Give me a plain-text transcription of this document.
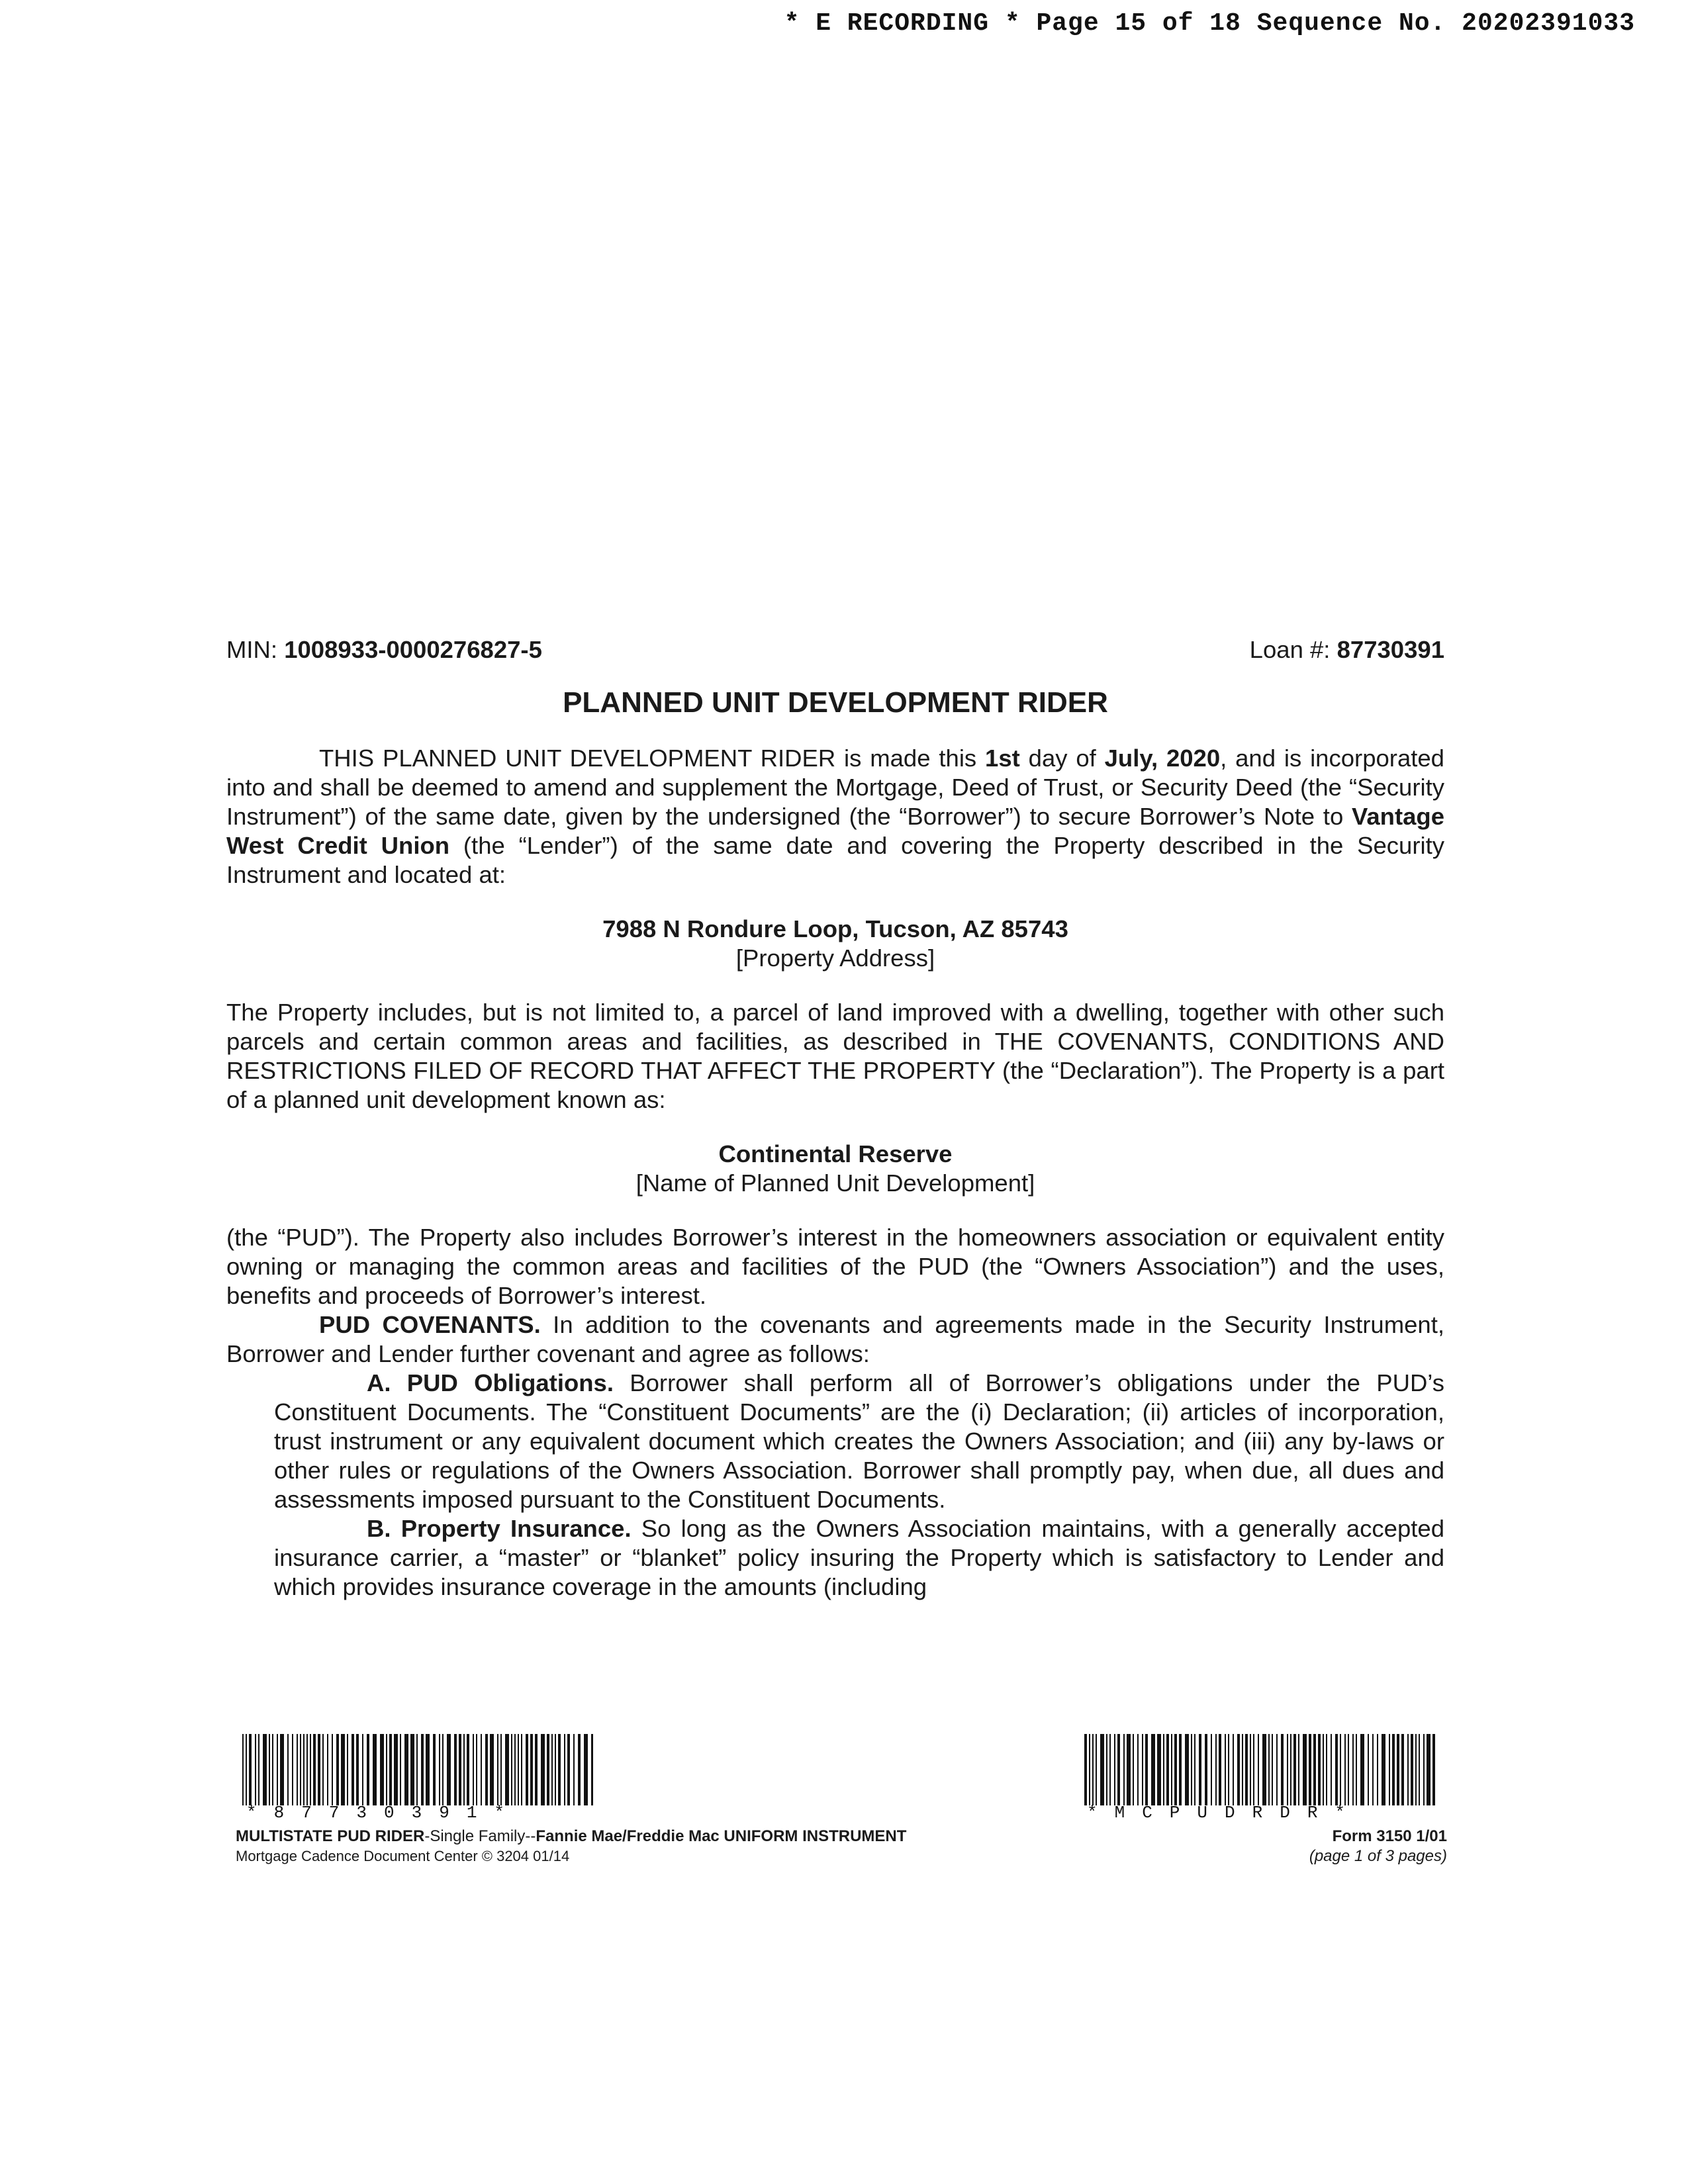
* E RECORDING * Page 15 of 18 Sequence No. 20202391033
MIN: 1008933-0000276827-5	Loan #: 87730391
PLANNED UNIT DEVELOPMENT RIDER

THIS PLANNED UNIT DEVELOPMENT RIDER is made this 1st day of July, 2020, and is incorporated into and shall be deemed to amend and supplement the Mortgage, Deed of Trust, or Security Deed (the “Security Instrument”) of the same date, given by the undersigned (the “Borrower”) to secure Borrower’s Note to Vantage West Credit Union (the “Lender”) of the same date and covering the Property described in the Security Instrument and located at:

7988 N Rondure Loop, Tucson, AZ 85743
[Property Address]

The Property includes, but is not limited to, a parcel of land improved with a dwelling, together with other such parcels and certain common areas and facilities, as described in THE COVENANTS, CONDITIONS AND RESTRICTIONS FILED OF RECORD THAT AFFECT THE PROPERTY (the “Declaration”). The Property is a part of a planned unit development known as:

Continental Reserve
[Name of Planned Unit Development]

(the “PUD”). The Property also includes Borrower’s interest in the homeowners association or equivalent entity owning or managing the common areas and facilities of the PUD (the “Owners Association”) and the uses, benefits and proceeds of Borrower’s interest.

PUD COVENANTS. In addition to the covenants and agreements made in the Security Instrument, Borrower and Lender further covenant and agree as follows:

A. PUD Obligations. Borrower shall perform all of Borrower’s obligations under the PUD’s Constituent Documents. The “Constituent Documents” are the (i) Declaration; (ii) articles of incorporation, trust instrument or any equivalent document which creates the Owners Association; and (iii) any by-laws or other rules or regulations of the Owners Association. Borrower shall promptly pay, when due, all dues and assessments imposed pursuant to the Constituent Documents.

B. Property Insurance. So long as the Owners Association maintains, with a generally accepted insurance carrier, a “master” or “blanket” policy insuring the Property which is satisfactory to Lender and which provides insurance coverage in the amounts (including

*87730391*	*MCPUDRDR*
MULTISTATE PUD RIDER-Single Family--Fannie Mae/Freddie Mac UNIFORM INSTRUMENT	Form 3150 1/01
Mortgage Cadence Document Center © 3204 01/14	(page 1 of 3 pages)
